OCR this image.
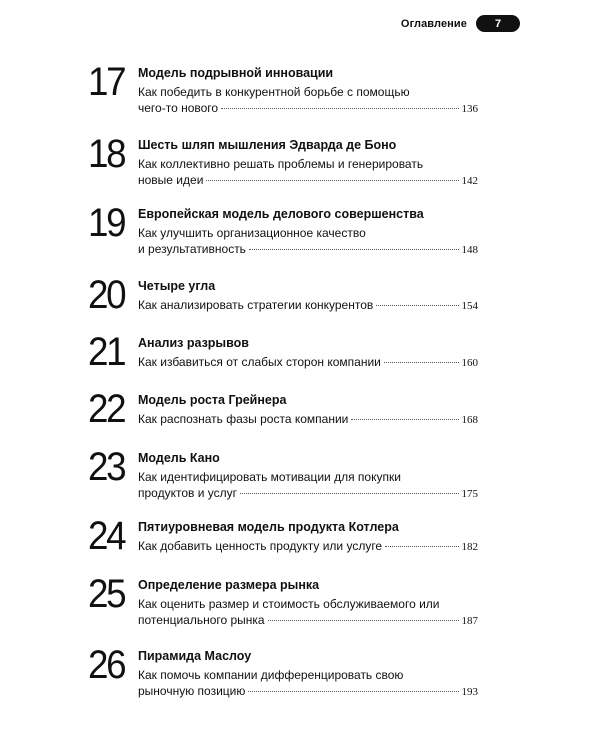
Оглавление	7
17	Модель подрывной инновации
Как победить в конкурентной борьбе с помощью
чего-то нового	136
18	Шесть шляп мышления Эдварда де Боно
Как коллективно решать проблемы и генерировать
новые идеи	142
19	Европейская модель делового совершенства
Как улучшить организационное качество
и результативность	148
20	Четыре угла
Как анализировать стратегии конкурентов	154
21	Анализ разрывов
Как избавиться от слабых сторон компании	160
22	Модель роста Грейнера
Как распознать фазы роста компании	168
23	Модель Кано
Как идентифицировать мотивации для покупки
продуктов и услуг	175
24	Пятиуровневая модель продукта Котлера
Как добавить ценность продукту или услуге	182
25	Определение размера рынка
Как оценить размер и стоимость обслуживаемого или
потенциального рынка	187
26	Пирамида Маслоу
Как помочь компании дифференцировать свою
рыночную позицию	193
